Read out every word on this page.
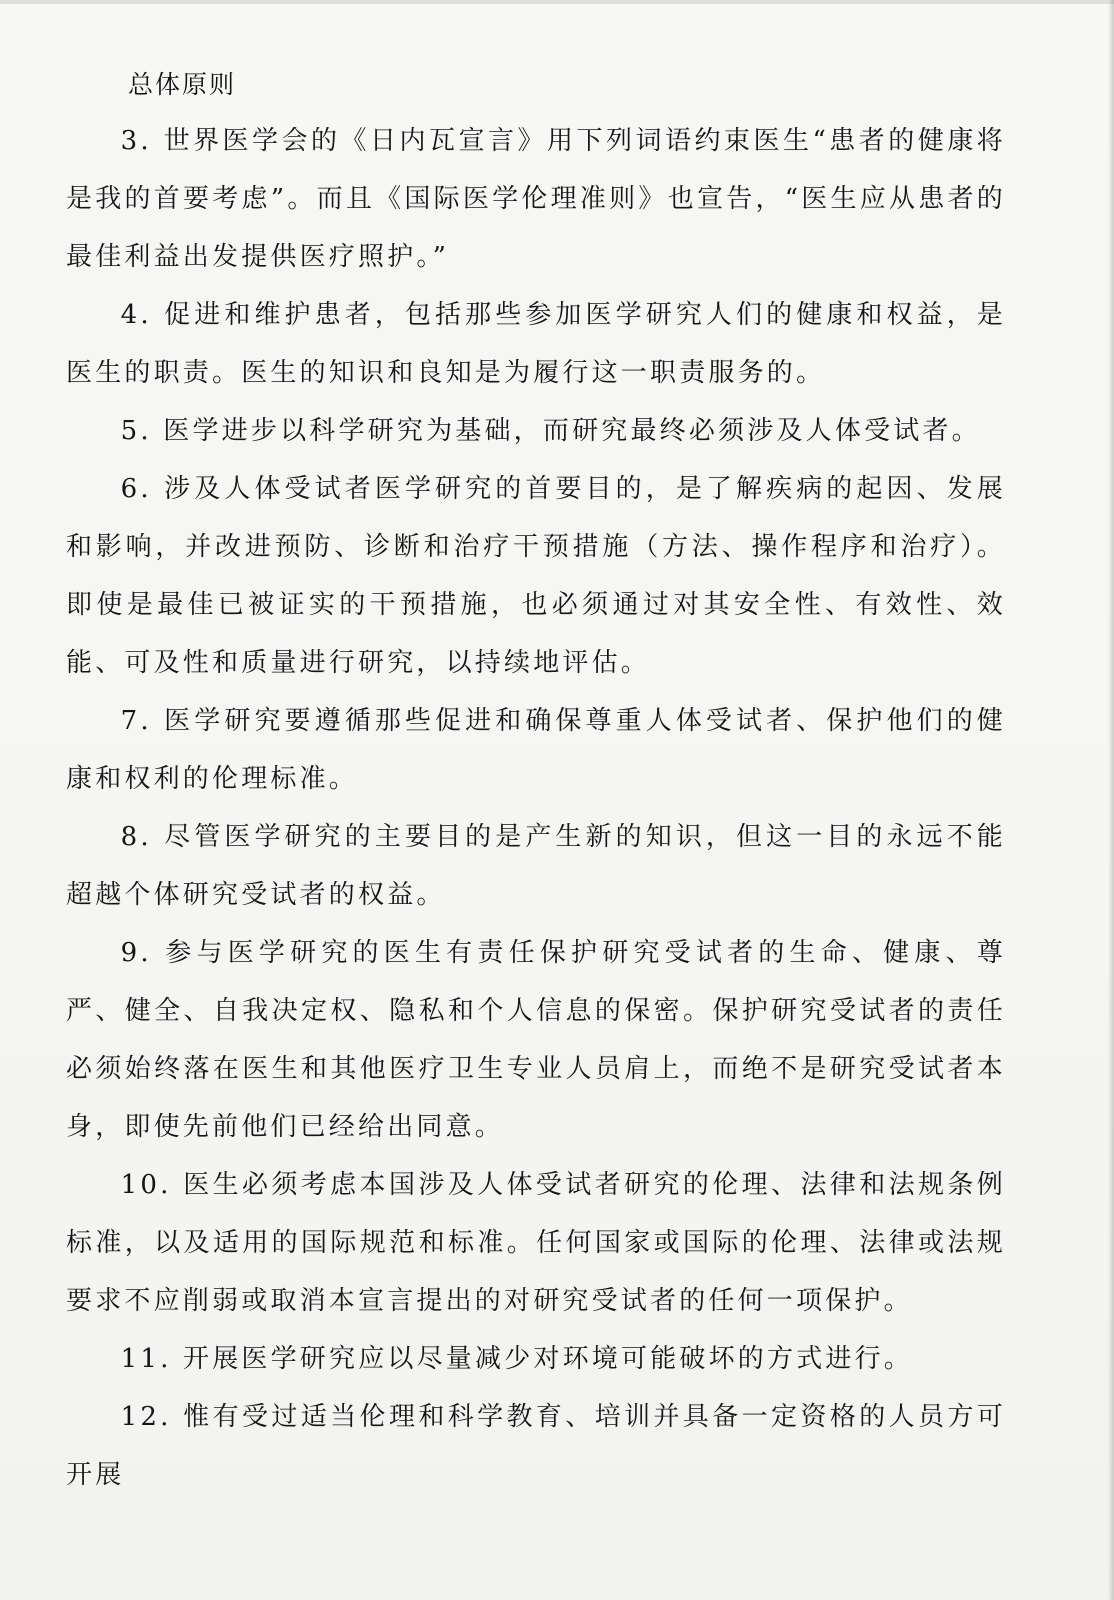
总体原则

3. 世界医学会的《日内瓦宣言》用下列词语约束医生“患者的健康将是我的首要考虑”。而且《国际医学伦理准则》也宣告，“医生应从患者的最佳利益出发提供医疗照护。”

4. 促进和维护患者，包括那些参加医学研究人们的健康和权益，是医生的职责。医生的知识和良知是为履行这一职责服务的。

5. 医学进步以科学研究为基础，而研究最终必须涉及人体受试者。

6. 涉及人体受试者医学研究的首要目的，是了解疾病的起因、发展和影响，并改进预防、诊断和治疗干预措施（方法、操作程序和治疗）。即使是最佳已被证实的干预措施，也必须通过对其安全性、有效性、效能、可及性和质量进行研究，以持续地评估。

7. 医学研究要遵循那些促进和确保尊重人体受试者、保护他们的健康和权利的伦理标准。

8. 尽管医学研究的主要目的是产生新的知识，但这一目的永远不能超越个体研究受试者的权益。

9. 参与医学研究的医生有责任保护研究受试者的生命、健康、尊严、健全、自我决定权、隐私和个人信息的保密。保护研究受试者的责任必须始终落在医生和其他医疗卫生专业人员肩上，而绝不是研究受试者本身，即使先前他们已经给出同意。

10. 医生必须考虑本国涉及人体受试者研究的伦理、法律和法规条例标准，以及适用的国际规范和标准。任何国家或国际的伦理、法律或法规要求不应削弱或取消本宣言提出的对研究受试者的任何一项保护。

11. 开展医学研究应以尽量减少对环境可能破坏的方式进行。

12. 惟有受过适当伦理和科学教育、培训并具备一定资格的人员方可开展
